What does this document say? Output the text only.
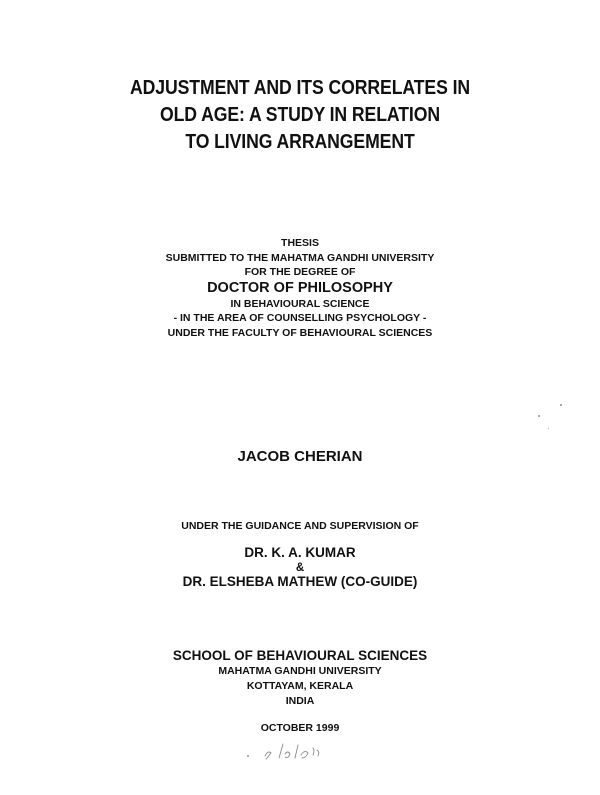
ADJUSTMENT AND ITS CORRELATES IN
OLD AGE: A STUDY IN RELATION
TO LIVING ARRANGEMENT
THESIS
SUBMITTED TO THE MAHATMA GANDHI UNIVERSITY
FOR THE DEGREE OF
DOCTOR OF PHILOSOPHY
IN BEHAVIOURAL SCIENCE
- IN THE AREA OF COUNSELLING PSYCHOLOGY -
UNDER THE FACULTY OF BEHAVIOURAL SCIENCES
JACOB CHERIAN
UNDER THE GUIDANCE AND SUPERVISION OF
DR. K. A. KUMAR
&
DR. ELSHEBA MATHEW (CO-GUIDE)
SCHOOL OF BEHAVIOURAL SCIENCES
MAHATMA GANDHI UNIVERSITY
KOTTAYAM, KERALA
INDIA
OCTOBER 1999
